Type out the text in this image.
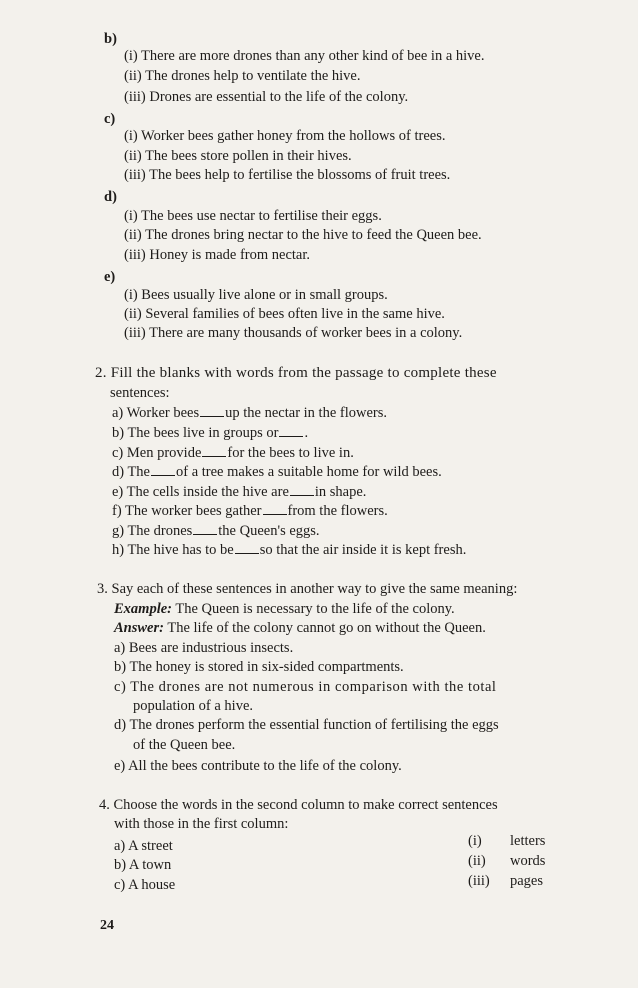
b)
(i) There are more drones than any other kind of bee in a hive.
(ii) The drones help to ventilate the hive.
(iii) Drones are essential to the life of the colony.
c)
(i) Worker bees gather honey from the hollows of trees.
(ii) The bees store pollen in their hives.
(iii) The bees help to fertilise the blossoms of fruit trees.
d)
(i) The bees use nectar to fertilise their eggs.
(ii) The drones bring nectar to the hive to feed the Queen bee.
(iii) Honey is made from nectar.
e)
(i) Bees usually live alone or in small groups.
(ii) Several families of bees often live in the same hive.
(iii) There are many thousands of worker bees in a colony.
2. Fill the blanks with words from the passage to complete these
sentences:
a) Worker bees up the nectar in the flowers.
b) The bees live in groups or .
c) Men provide for the bees to live in.
d) The of a tree makes a suitable home for wild bees.
e) The cells inside the hive are in shape.
f) The worker bees gather from the flowers.
g) The drones the Queen's eggs.
h) The hive has to be so that the air inside it is kept fresh.
3. Say each of these sentences in another way to give the same meaning:
Example: The Queen is necessary to the life of the colony.
Answer: The life of the colony cannot go on without the Queen.
a) Bees are industrious insects.
b) The honey is stored in six-sided compartments.
c) The drones are not numerous in comparison with the total
population of a hive.
d) The drones perform the essential function of fertilising the eggs
of the Queen bee.
e) All the bees contribute to the life of the colony.
4. Choose the words in the second column to make correct sentences
with those in the first column:
a) A street
b) A town
c) A house
(i)
(ii)
(iii)
letters
words
pages
24
